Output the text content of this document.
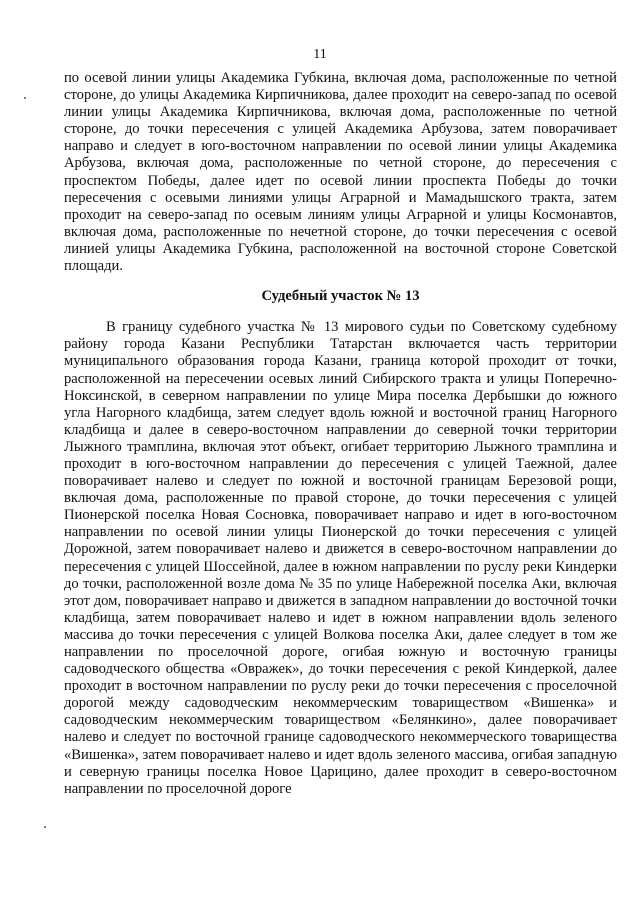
11

по осевой линии улицы Академика Губкина, включая дома, расположенные по четной стороне, до улицы Академика Кирпичникова, далее проходит на северо-запад по осевой линии улицы Академика Кирпичникова, включая дома, расположенные по четной стороне, до точки пересечения с улицей Академика Арбузова, затем поворачивает направо и следует в юго-восточном направлении по осевой линии улицы Академика Арбузова, включая дома, расположенные по четной стороне, до пересечения с проспектом Победы, далее идет по осевой линии проспекта Победы до точки пересечения с осевыми линиями улицы Аграрной и Мамадышского тракта, затем проходит на северо-запад по осевым линиям улицы Аграрной и улицы Космонавтов, включая дома, расположенные по нечетной стороне, до точки пересечения с осевой линией улицы Академика Губкина, расположенной на восточной стороне Советской площади.

Судебный участок № 13

В границу судебного участка № 13 мирового судьи по Советскому судебному району города Казани Республики Татарстан включается часть территории муниципального образования города Казани, граница которой проходит от точки, расположенной на пересечении осевых линий Сибирского тракта и улицы Поперечно-Ноксинской, в северном направлении по улице Мира поселка Дербышки до южного угла Нагорного кладбища, затем следует вдоль южной и восточной границ Нагорного кладбища и далее в северо-восточном направлении до северной точки территории Лыжного трамплина, включая этот объект, огибает территорию Лыжного трамплина и проходит в юго-восточном направлении до пересечения с улицей Таежной, далее поворачивает налево и следует по южной и восточной границам Березовой рощи, включая дома, расположенные по правой стороне, до точки пересечения с улицей Пионерской поселка Новая Сосновка, поворачивает направо и идет в юго-восточном направлении по осевой линии улицы Пионерской до точки пересечения с улицей Дорожной, затем поворачивает налево и движется в северо-восточном направлении до пересечения с улицей Шоссейной, далее в южном направлении по руслу реки Киндерки до точки, расположенной возле дома № 35 по улице Набережной поселка Аки, включая этот дом, поворачивает направо и движется в западном направлении до восточной точки кладбища, затем поворачивает налево и идет в южном направлении вдоль зеленого массива до точки пересечения с улицей Волкова поселка Аки, далее следует в том же направлении по проселочной дороге, огибая южную и восточную границы садоводческого общества «Овражек», до точки пересечения с рекой Киндеркой, далее проходит в восточном направлении по руслу реки до точки пересечения с проселочной дорогой между садоводческим некоммерческим товариществом «Вишенка» и садоводческим некоммерческим товариществом «Белянкино», далее поворачивает налево и следует по восточной границе садоводческого некоммерческого товарищества «Вишенка», затем поворачивает налево и идет вдоль зеленого массива, огибая западную и северную границы поселка Новое Царицино, далее проходит в северо-восточном направлении по проселочной дороге
